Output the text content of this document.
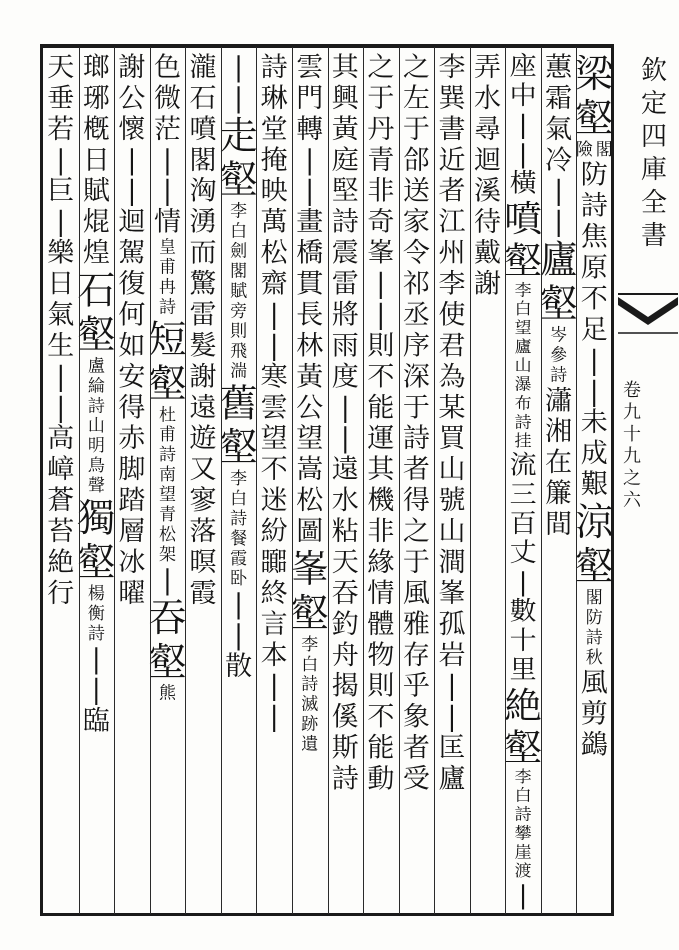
欽
定
四
庫
全
書
卷
九
十
九
之
六
梁
壑
閣
險
防
詩
焦
原
不
足
|
|
未
成
艱
涼
壑
閣
防
詩
秋
風
剪
鷁
蕙
霜
氣
冷
|
|
廬
壑
岑
參
詩
瀟
湘
在
簾
間
座
中
|
|
橫
噴
壑
李
白
望
廬
山
瀑
布
詩
挂
流
三
百
丈
|
數
十
里
絶
壑
李
白
詩
攀
崖
渡
|
弄
水
尋
迴
溪
待
戴
謝
李
巽
書
近
者
江
州
李
使
君
為
某
買
山
號
山
澗
峯
孤
岩
|
|
匡
廬
之
左
于
郃
送
家
令
祁
丞
序
深
于
詩
者
得
之
于
風
雅
存
乎
象
者
受
之
于
丹
青
非
奇
峯
|
|
則
不
能
運
其
機
非
緣
情
體
物
則
不
能
動
其
興
黃
庭
堅
詩
震
雷
將
雨
度
|
|
遠
水
粘
天
吞
釣
舟
揭
傒
斯
詩
雲
門
轉
|
|
畫
橋
貫
長
林
黃
公
望
嵩
松
圖
峯
壑
李
白
詩
滅
跡
遺
詩
琳
堂
掩
映
萬
松
齋
|
|
寒
雲
望
不
迷
紛
嚻
終
言
本
|
|
|
|
走
壑
李
白
劍
閣
賦
旁
則
飛
湍
舊
壑
李
白
詩
餐
霞
卧
|
|
散
瀧
石
噴
閣
洶
湧
而
驚
雷
髮
謝
遠
遊
又
寥
落
暝
霞
色
微
茫
|
|
情
皇
甫
冉
詩
短
壑
杜
甫
詩
南
望
青
松
架
|
吞
壑
熊
謝
公
懷
|
|
迴
駕
復
何
如
安
得
赤
脚
踏
層
冰
曜
瑯
琊
槪
日
賦
焜
煌
石
壑
盧
綸
詩
山
明
鳥
聲
獨
壑
楊
衡
詩
|
|
臨
天
垂
若
|
巨
|
樂
日
氣
生
|
|
高
嶂
蒼
苔
絶
行
